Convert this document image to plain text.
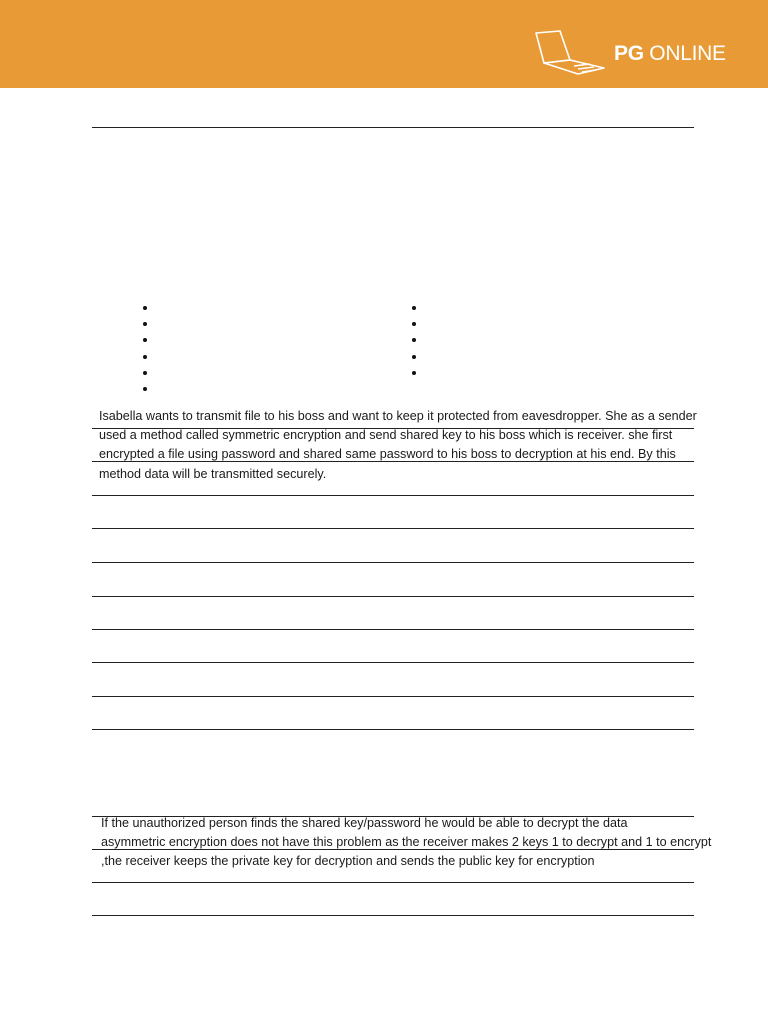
PG ONLINE
Isabella wants to transmit file to his boss and want to keep it protected from eavesdropper. She as a sender
used a method called symmetric encryption and send shared key to his boss which is receiver. she first
encrypted a file using password and shared same password to his boss to decryption at his end. By this
method data will be transmitted securely.
If the unauthorized person finds the shared key/password he would be able to decrypt the data
asymmetric encryption does not have this problem as the receiver makes 2 keys 1 to decrypt and 1 to encrypt
,the receiver keeps the private key for decryption and sends the public key for encryption
